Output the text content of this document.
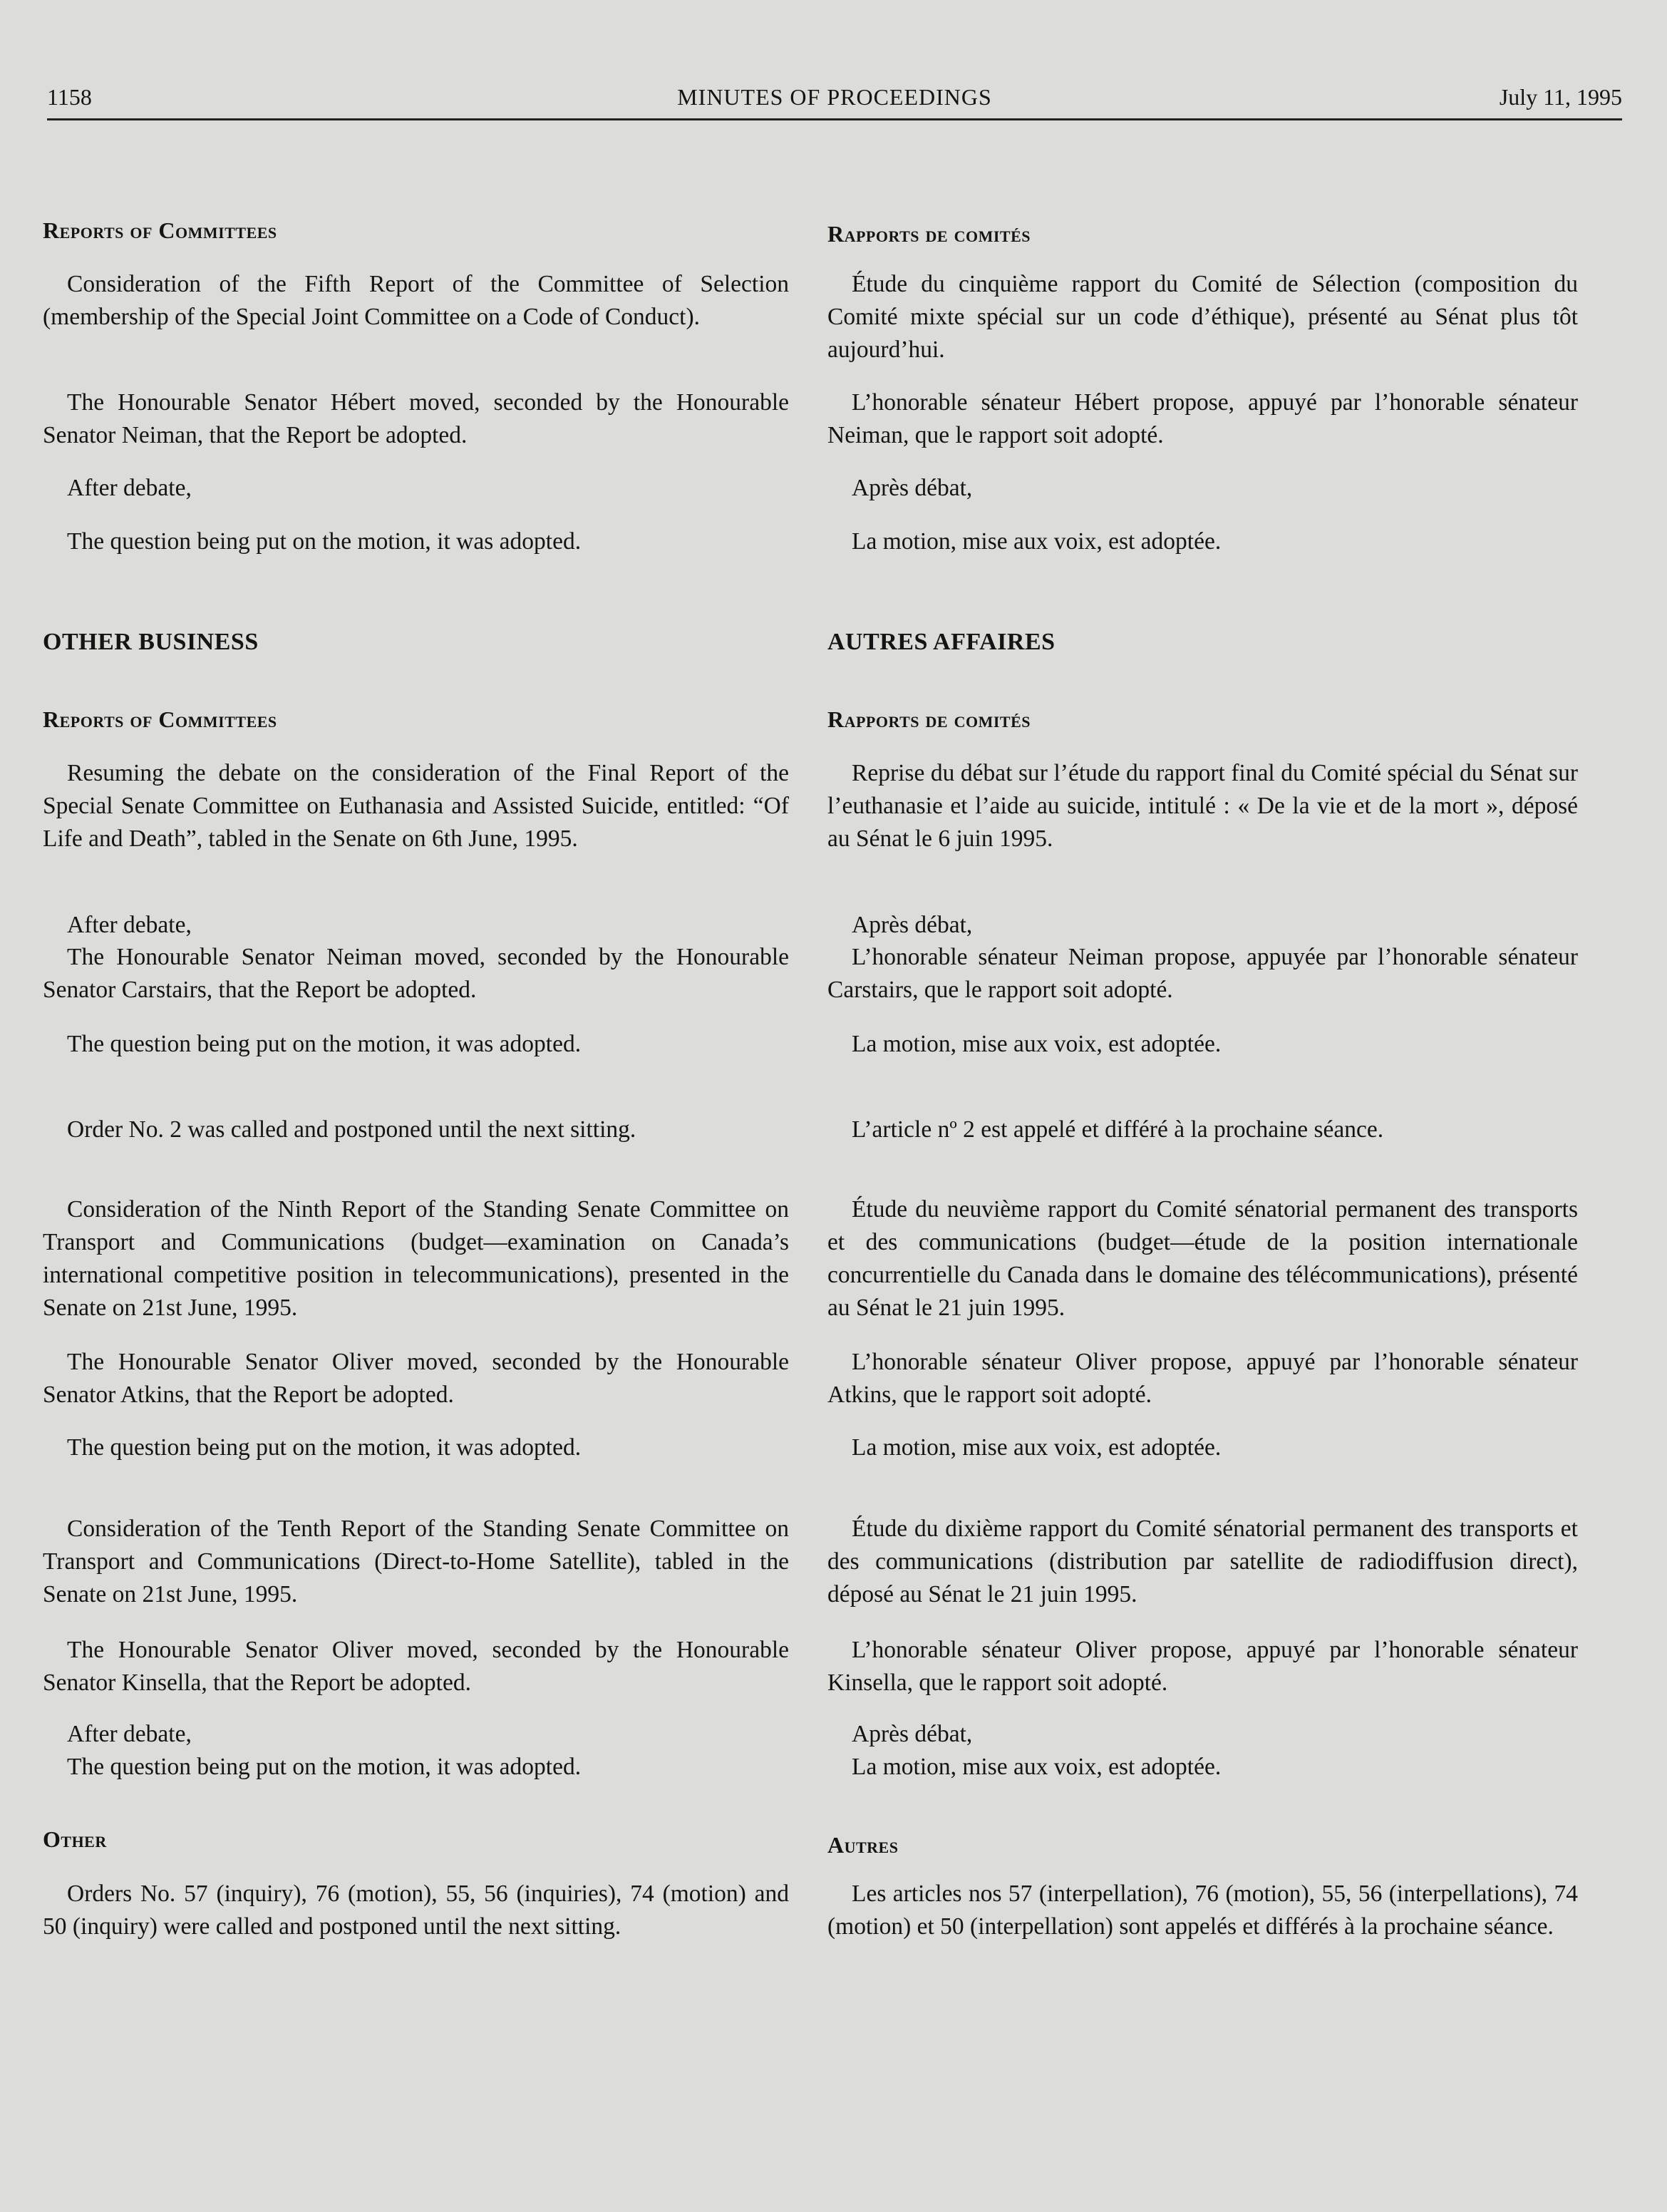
1158	MINUTES OF PROCEEDINGS	July 11, 1995
Reports of Committees
Consideration of the Fifth Report of the Committee of Selection (membership of the Special Joint Committee on a Code of Conduct).
The Honourable Senator Hébert moved, seconded by the Honourable Senator Neiman, that the Report be adopted.
After debate,
The question being put on the motion, it was adopted.
OTHER BUSINESS
Reports of Committees
Resuming the debate on the consideration of the Final Report of the Special Senate Committee on Euthanasia and Assisted Suicide, entitled: “Of Life and Death”, tabled in the Senate on 6th June, 1995.
After debate,
The Honourable Senator Neiman moved, seconded by the Honourable Senator Carstairs, that the Report be adopted.
The question being put on the motion, it was adopted.
Order No. 2 was called and postponed until the next sitting.
Consideration of the Ninth Report of the Standing Senate Committee on Transport and Communications (budget—examination on Canada’s international competitive position in telecommunications), presented in the Senate on 21st June, 1995.
The Honourable Senator Oliver moved, seconded by the Honourable Senator Atkins, that the Report be adopted.
The question being put on the motion, it was adopted.
Consideration of the Tenth Report of the Standing Senate Committee on Transport and Communications (Direct-to-Home Satellite), tabled in the Senate on 21st June, 1995.
The Honourable Senator Oliver moved, seconded by the Honourable Senator Kinsella, that the Report be adopted.
After debate,
The question being put on the motion, it was adopted.
Other
Orders No. 57 (inquiry), 76 (motion), 55, 56 (inquiries), 74 (motion) and 50 (inquiry) were called and postponed until the next sitting.
Rapports de comités
Étude du cinquième rapport du Comité de Sélection (composition du Comité mixte spécial sur un code d’éthique), présenté au Sénat plus tôt aujourd’hui.
L’honorable sénateur Hébert propose, appuyé par l’honorable sénateur Neiman, que le rapport soit adopté.
Après débat,
La motion, mise aux voix, est adoptée.
AUTRES AFFAIRES
Rapports de comités
Reprise du débat sur l’étude du rapport final du Comité spécial du Sénat sur l’euthanasie et l’aide au suicide, intitulé : « De la vie et de la mort », déposé au Sénat le 6 juin 1995.
Après débat,
L’honorable sénateur Neiman propose, appuyée par l’honorable sénateur Carstairs, que le rapport soit adopté.
La motion, mise aux voix, est adoptée.
L’article nº 2 est appelé et différé à la prochaine séance.
Étude du neuvième rapport du Comité sénatorial permanent des transports et des communications (budget—étude de la position internationale concurrentielle du Canada dans le domaine des télécommunications), présenté au Sénat le 21 juin 1995.
L’honorable sénateur Oliver propose, appuyé par l’honorable sénateur Atkins, que le rapport soit adopté.
La motion, mise aux voix, est adoptée.
Étude du dixième rapport du Comité sénatorial permanent des transports et des communications (distribution par satellite de radiodiffusion direct), déposé au Sénat le 21 juin 1995.
L’honorable sénateur Oliver propose, appuyé par l’honorable sénateur Kinsella, que le rapport soit adopté.
Après débat,
La motion, mise aux voix, est adoptée.
Autres
Les articles nos 57 (interpellation), 76 (motion), 55, 56 (interpellations), 74 (motion) et 50 (interpellation) sont appelés et différés à la prochaine séance.
